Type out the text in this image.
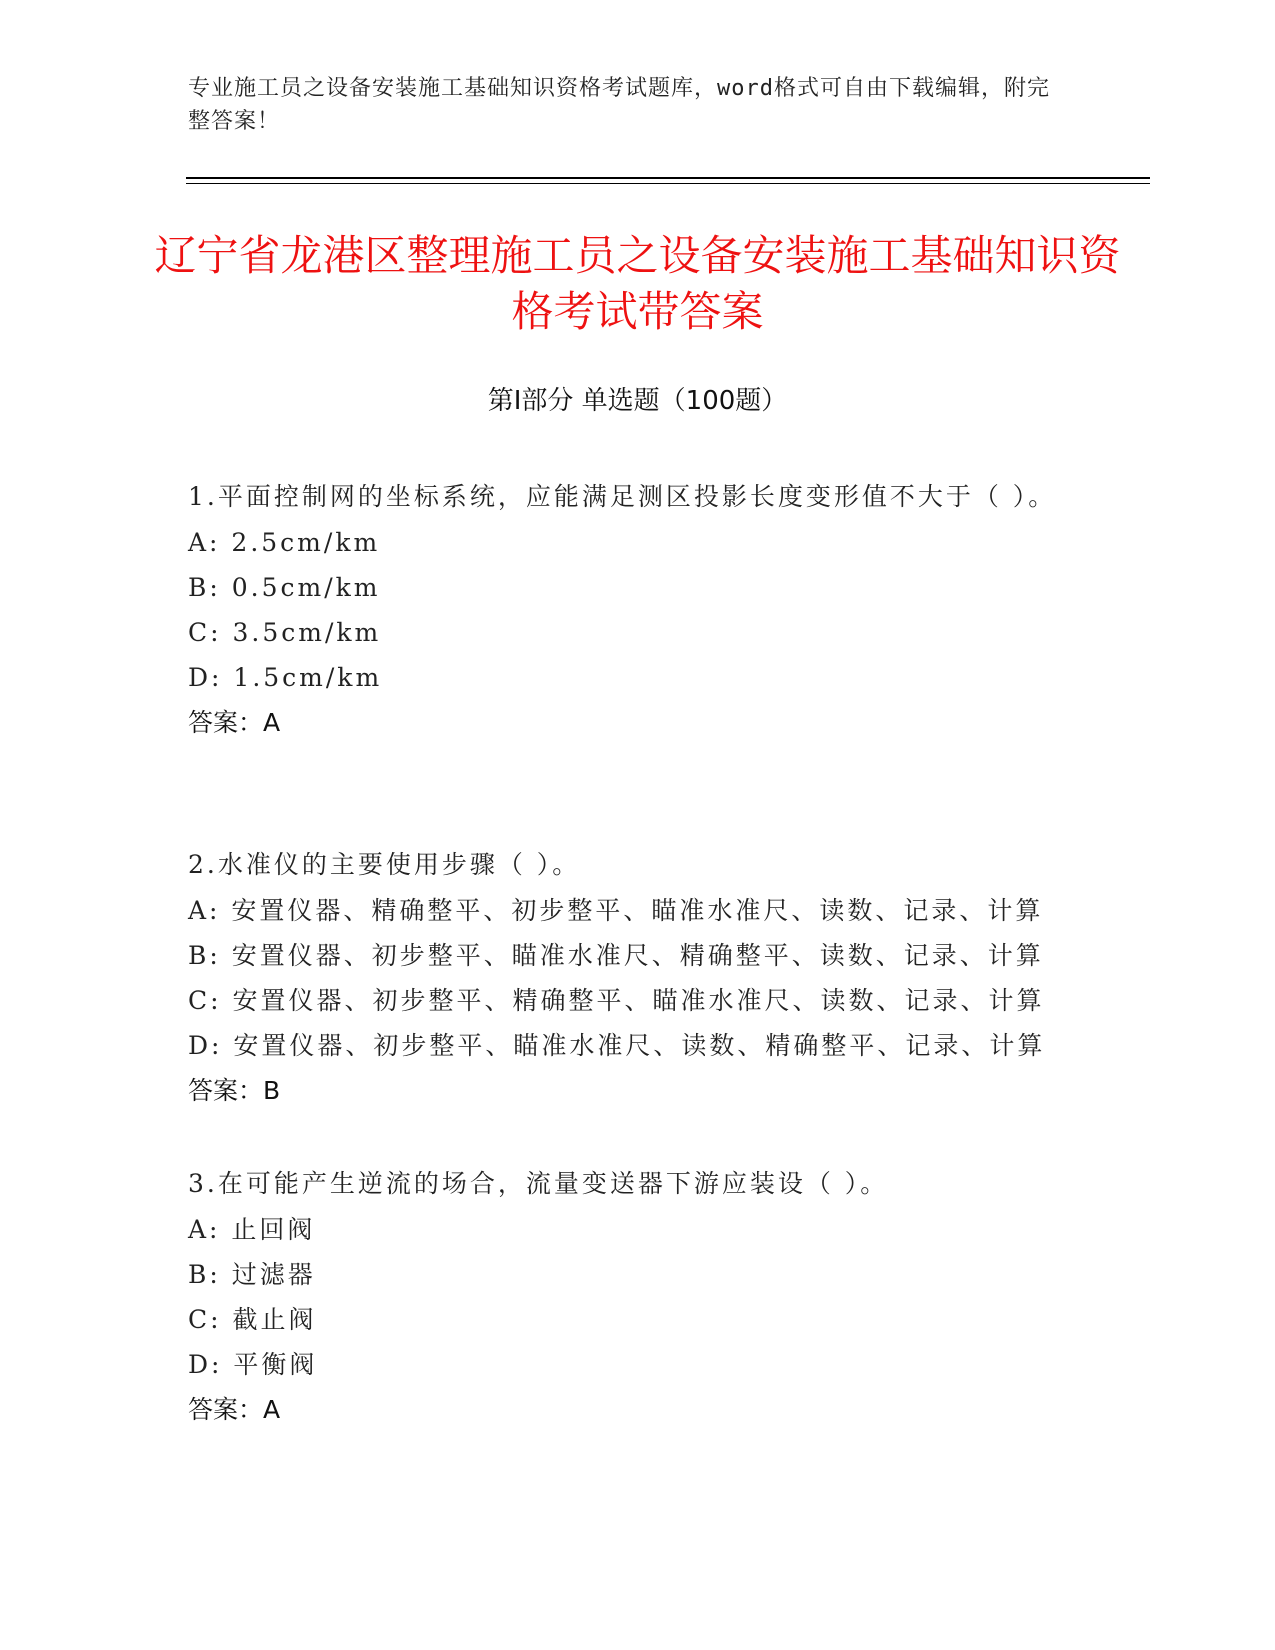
专业施工员之设备安装施工基础知识资格考试题库，word格式可自由下载编辑，附完整答案！
辽宁省龙港区整理施工员之设备安装施工基础知识资格考试带答案
第Ⅰ部分 单选题（100题）
1.平面控制网的坐标系统，应能满足测区投影长度变形值不大于（ ）。
A: 2.5cm/km
B: 0.5cm/km
C: 3.5cm/km
D: 1.5cm/km
答案：A
2.水准仪的主要使用步骤（ ）。
A: 安置仪器、精确整平、初步整平、瞄准水准尺、读数、记录、计算
B: 安置仪器、初步整平、瞄准水准尺、精确整平、读数、记录、计算
C: 安置仪器、初步整平、精确整平、瞄准水准尺、读数、记录、计算
D: 安置仪器、初步整平、瞄准水准尺、读数、精确整平、记录、计算
答案：B
3.在可能产生逆流的场合，流量变送器下游应装设（ ）。
A: 止回阀
B: 过滤器
C: 截止阀
D: 平衡阀
答案：A
